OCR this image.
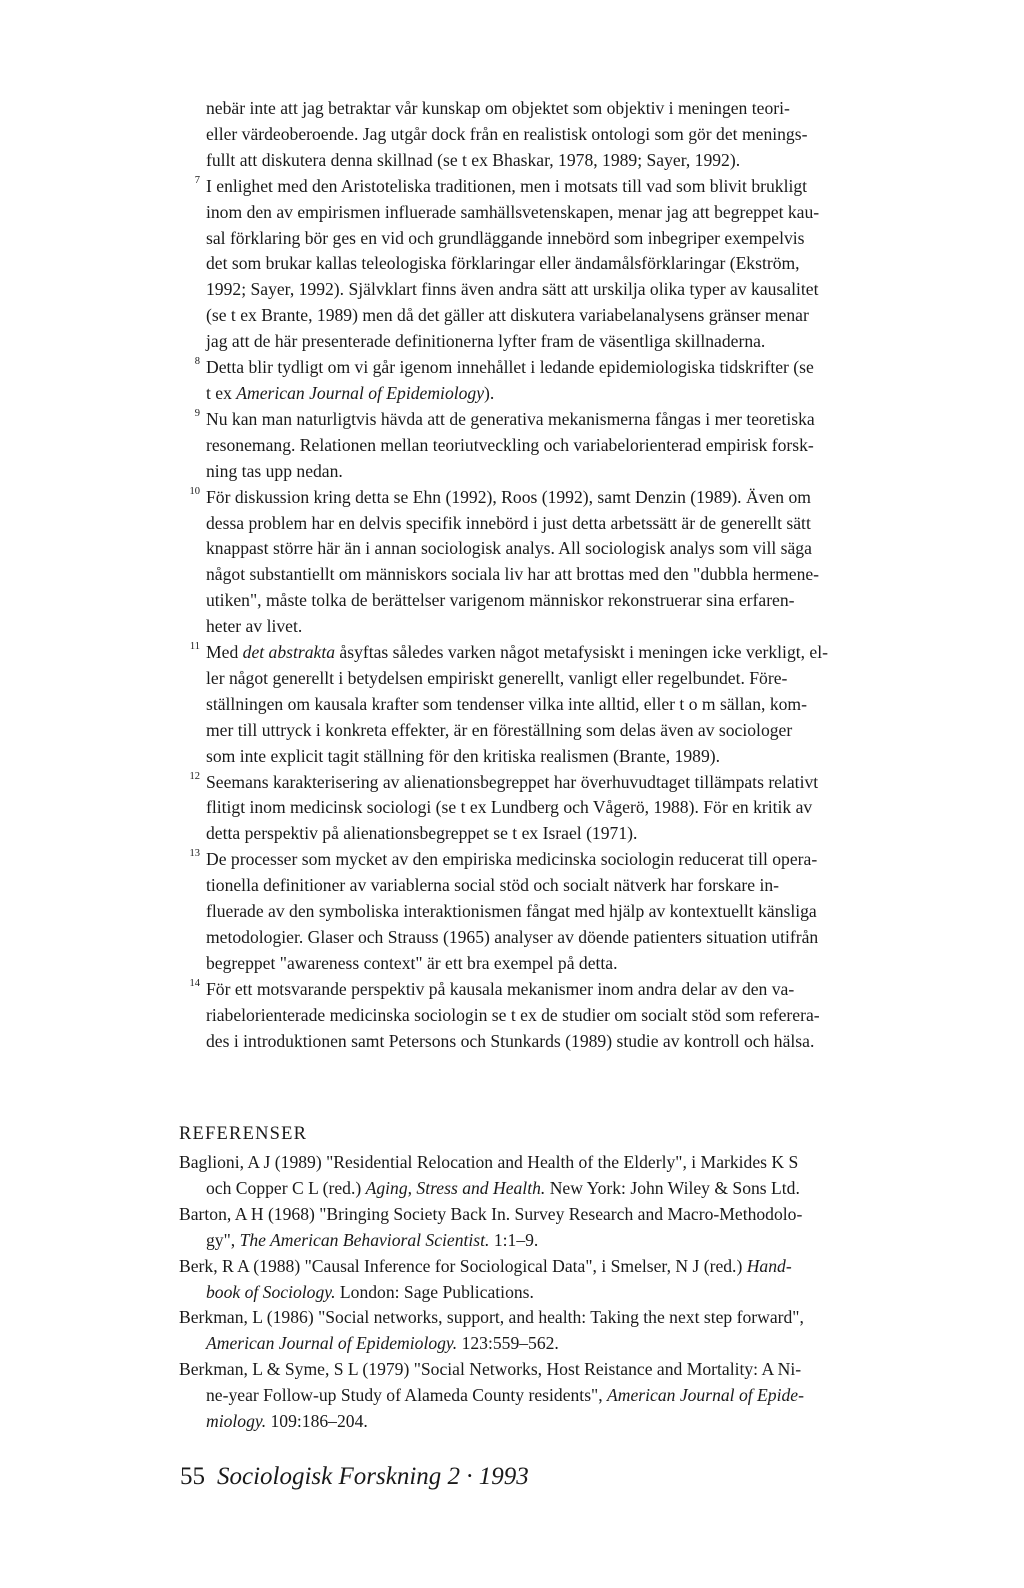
nebär inte att jag betraktar vår kunskap om objektet som objektiv i meningen teori-
eller värdeoberoende. Jag utgår dock från en realistisk ontologi som gör det menings-
fullt att diskutera denna skillnad (se t ex Bhaskar, 1978, 1989; Sayer, 1992).
7 I enlighet med den Aristoteliska traditionen, men i motsats till vad som blivit brukligt
inom den av empirismen influerade samhällsvetenskapen, menar jag att begreppet kau-
sal förklaring bör ges en vid och grundläggande innebörd som inbegriper exempelvis
det som brukar kallas teleologiska förklaringar eller ändamålsförklaringar (Ekström,
1992; Sayer, 1992). Självklart finns även andra sätt att urskilja olika typer av kausalitet
(se t ex Brante, 1989) men då det gäller att diskutera variabelanalysens gränser menar
jag att de här presenterade definitionerna lyfter fram de väsentliga skillnaderna.
8 Detta blir tydligt om vi går igenom innehållet i ledande epidemiologiska tidskrifter (se
t ex American Journal of Epidemiology).
9 Nu kan man naturligtvis hävda att de generativa mekanismerna fångas i mer teoretiska
resonemang. Relationen mellan teoriutveckling och variabelorienterad empirisk forsk-
ning tas upp nedan.
10 För diskussion kring detta se Ehn (1992), Roos (1992), samt Denzin (1989). Även om
dessa problem har en delvis specifik innebörd i just detta arbetssätt är de generellt sätt
knappast större här än i annan sociologisk analys. All sociologisk analys som vill säga
något substantiellt om människors sociala liv har att brottas med den "dubbla hermene-
utiken", måste tolka de berättelser varigenom människor rekonstruerar sina erfaren-
heter av livet.
11 Med det abstrakta åsyftas således varken något metafysiskt i meningen icke verkligt, el-
ler något generellt i betydelsen empiriskt generellt, vanligt eller regelbundet. Före-
ställningen om kausala krafter som tendenser vilka inte alltid, eller t o m sällan, kom-
mer till uttryck i konkreta effekter, är en föreställning som delas även av sociologer
som inte explicit tagit ställning för den kritiska realismen (Brante, 1989).
12 Seemans karakterisering av alienationsbegreppet har överhuvudtaget tillämpats relativt
flitigt inom medicinsk sociologi (se t ex Lundberg och Vågerö, 1988). För en kritik av
detta perspektiv på alienationsbegreppet se t ex Israel (1971).
13 De processer som mycket av den empiriska medicinska sociologin reducerat till opera-
tionella definitioner av variablerna social stöd och socialt nätverk har forskare in-
fluerade av den symboliska interaktionismen fångat med hjälp av kontextuellt känsliga
metodologier. Glaser och Strauss (1965) analyser av döende patienters situation utifrån
begreppet "awareness context" är ett bra exempel på detta.
14 För ett motsvarande perspektiv på kausala mekanismer inom andra delar av den va-
riabelorienterade medicinska sociologin se t ex de studier om socialt stöd som referera-
des i introduktionen samt Petersons och Stunkards (1989) studie av kontroll och hälsa.
REFERENSER
Baglioni, A J (1989) "Residential Relocation and Health of the Elderly", i Markides K S
och Copper C L (red.) Aging, Stress and Health. New York: John Wiley & Sons Ltd.
Barton, A H (1968) "Bringing Society Back In. Survey Research and Macro-Methodolo-
gy", The American Behavioral Scientist. 1:1–9.
Berk, R A (1988) "Causal Inference for Sociological Data", i Smelser, N J (red.) Hand-
book of Sociology. London: Sage Publications.
Berkman, L (1986) "Social networks, support, and health: Taking the next step forward",
American Journal of Epidemiology. 123:559–562.
Berkman, L & Syme, S L (1979) "Social Networks, Host Reistance and Mortality: A Ni-
ne-year Follow-up Study of Alameda County residents", American Journal of Epide-
miology. 109:186–204.
55 Sociologisk Forskning 2 · 1993
